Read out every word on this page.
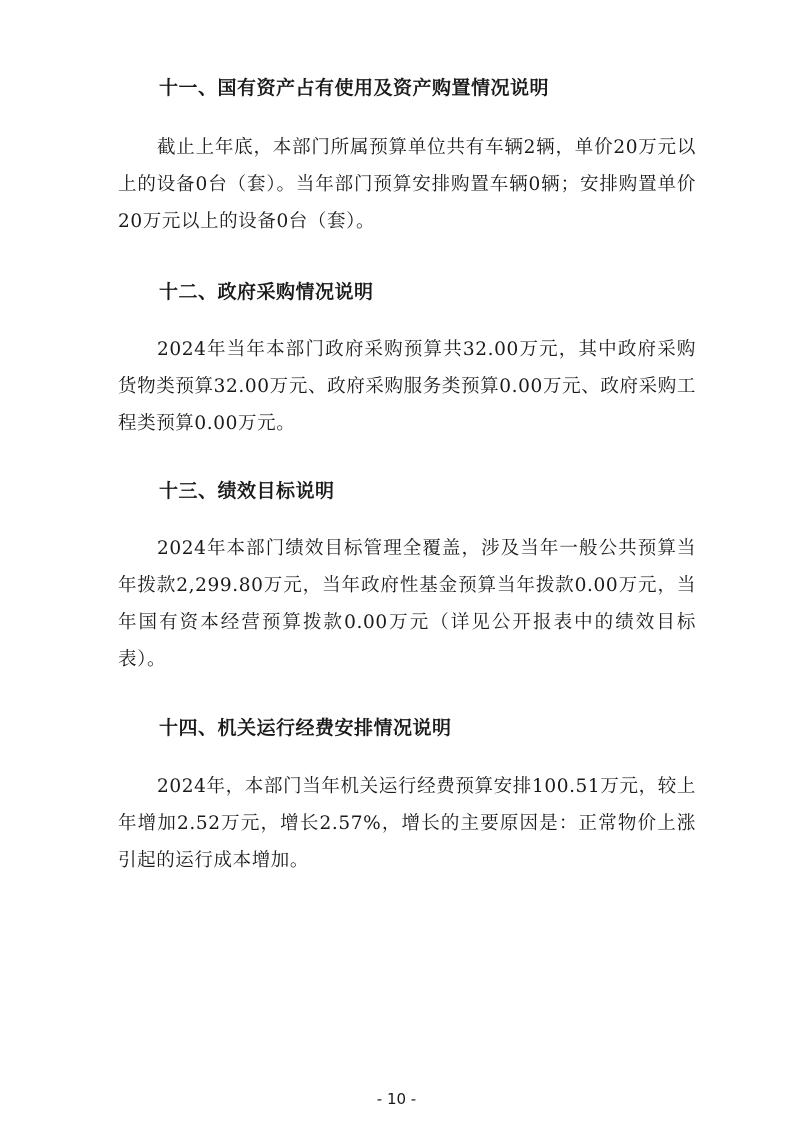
十一、国有资产占有使用及资产购置情况说明

截止上年底，本部门所属预算单位共有车辆2辆，单价20万元以上的设备0台（套）。当年部门预算安排购置车辆0辆；安排购置单价20万元以上的设备0台（套）。

十二、政府采购情况说明

2024年当年本部门政府采购预算共32.00万元，其中政府采购货物类预算32.00万元、政府采购服务类预算0.00万元、政府采购工程类预算0.00万元。

十三、绩效目标说明

2024年本部门绩效目标管理全覆盖，涉及当年一般公共预算当年拨款2,299.80万元，当年政府性基金预算当年拨款0.00万元，当年国有资本经营预算拨款0.00万元（详见公开报表中的绩效目标表）。

十四、机关运行经费安排情况说明

2024年，本部门当年机关运行经费预算安排100.51万元，较上年增加2.52万元，增长2.57%，增长的主要原因是：正常物价上涨引起的运行成本增加。

- 10 -
